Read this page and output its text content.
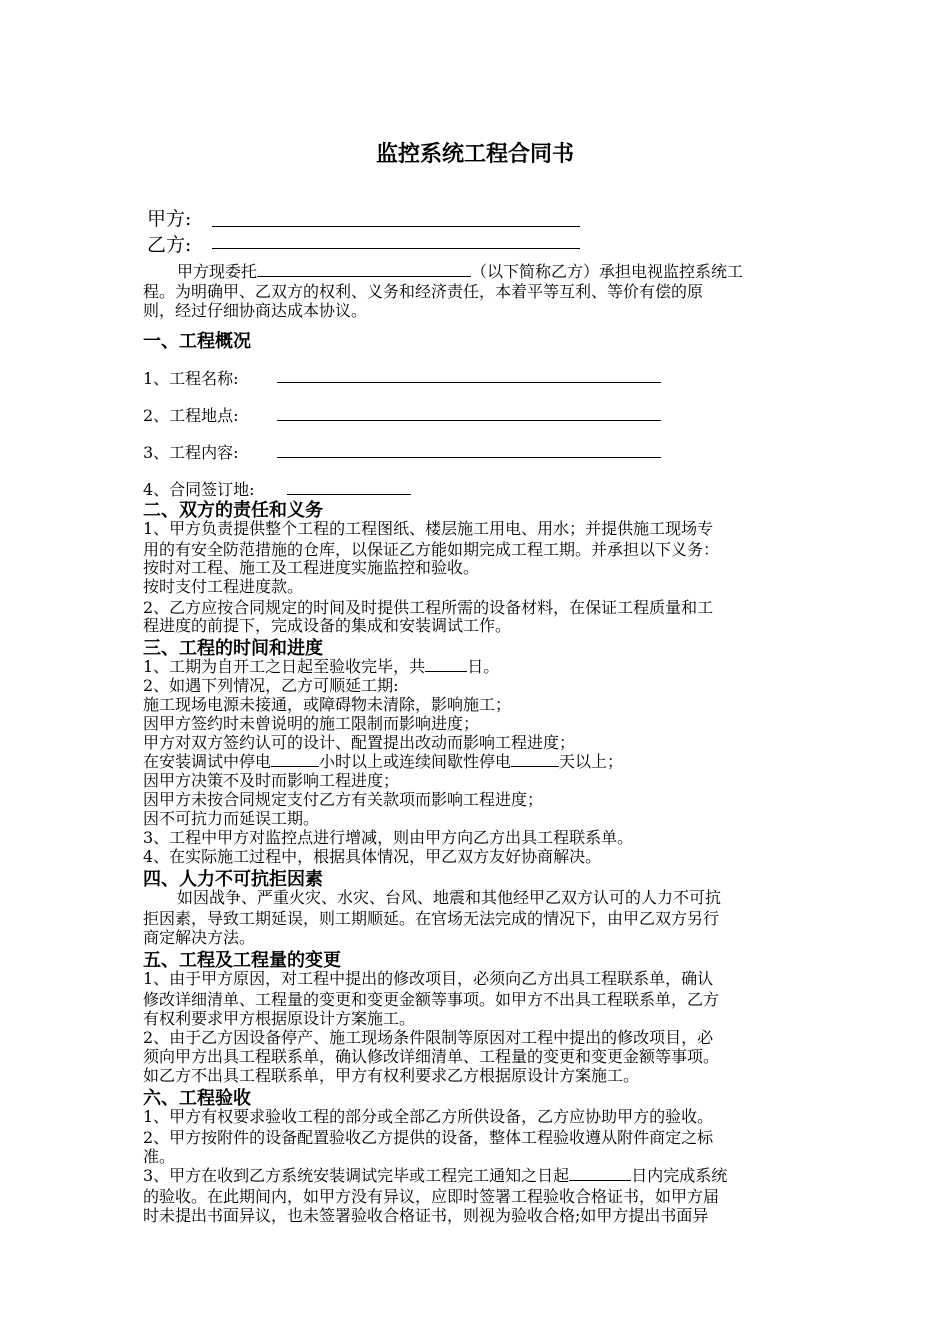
监控系统工程合同书
甲方:
乙方:
甲方现委托	（以下简称乙方）承担电视监控系统工
程。为明确甲、乙双方的权利、义务和经济责任，本着平等互利、等价有偿的原
则，经过仔细协商达成本协议。
一、工程概况
1、工程名称:
2、工程地点:
3、工程内容:
4、合同签订地:
二、双方的责任和义务
1、甲方负责提供整个工程的工程图纸、楼层施工用电、用水；并提供施工现场专
用的有安全防范措施的仓库，以保证乙方能如期完成工程工期。并承担以下义务：
按时对工程、施工及工程进度实施监控和验收。
按时支付工程进度款。
2、乙方应按合同规定的时间及时提供工程所需的设备材料，在保证工程质量和工
程进度的前提下，完成设备的集成和安装调试工作。
三、工程的时间和进度
1、工期为自开工之日起至验收完毕，共	日。
2、如遇下列情况，乙方可顺延工期:
施工现场电源未接通，或障碍物未清除，影响施工；
因甲方签约时未曾说明的施工限制而影响进度；
甲方对双方签约认可的设计、配置提出改动而影响工程进度；
在安装调试中停电	小时以上或连续间歇性停电	天以上；
因甲方决策不及时而影响工程进度；
因甲方未按合同规定支付乙方有关款项而影响工程进度；
因不可抗力而延误工期。
3、工程中甲方对监控点进行增减，则由甲方向乙方出具工程联系单。
4、在实际施工过程中，根据具体情况，甲乙双方友好协商解决。
四、人力不可抗拒因素
如因战争、严重火灾、水灾、台风、地震和其他经甲乙双方认可的人力不可抗
拒因素，导致工期延误，则工期顺延。在官场无法完成的情况下，由甲乙双方另行
商定解决方法。
五、工程及工程量的变更
1、由于甲方原因，对工程中提出的修改项目，必须向乙方出具工程联系单，确认
修改详细清单、工程量的变更和变更金额等事项。如甲方不出具工程联系单，乙方
有权利要求甲方根据原设计方案施工。
2、由于乙方因设备停产、施工现场条件限制等原因对工程中提出的修改项目，必
须向甲方出具工程联系单，确认修改详细清单、工程量的变更和变更金额等事项。
如乙方不出具工程联系单，甲方有权利要求乙方根据原设计方案施工。
六、工程验收
1、甲方有权要求验收工程的部分或全部乙方所供设备，乙方应协助甲方的验收。
2、甲方按附件的设备配置验收乙方提供的设备，整体工程验收遵从附件商定之标
准。
3、甲方在收到乙方系统安装调试完毕或工程完工通知之日起	日内完成系统
的验收。在此期间内，如甲方没有异议，应即时签署工程验收合格证书，如甲方届
时未提出书面异议，也未签署验收合格证书，则视为验收合格;如甲方提出书面异
